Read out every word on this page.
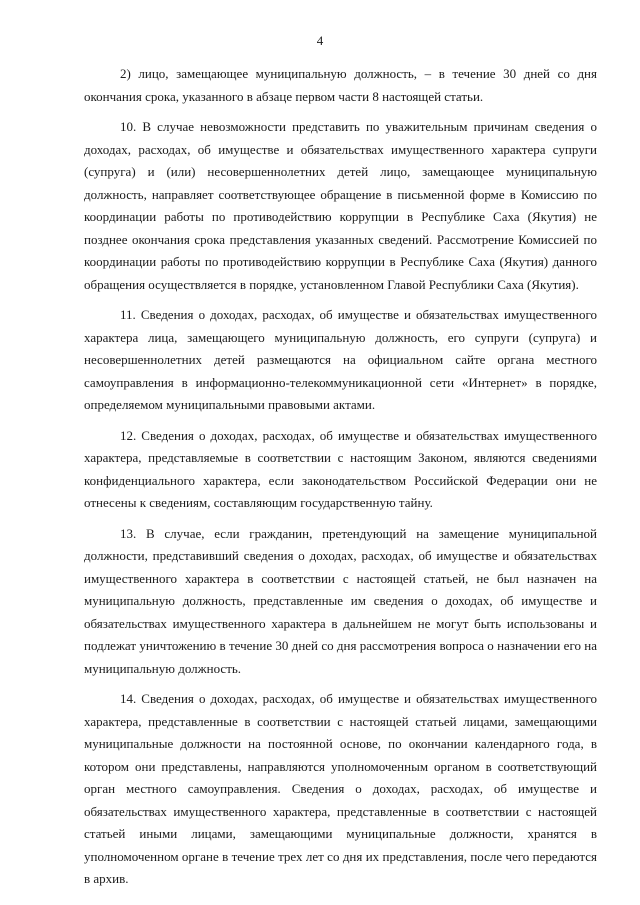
4

2) лицо, замещающее муниципальную должность, – в течение 30 дней со дня окончания срока, указанного в абзаце первом части 8 настоящей статьи.

10. В случае невозможности представить по уважительным причинам сведения о доходах, расходах, об имуществе и обязательствах имущественного характера супруги (супруга) и (или) несовершеннолетних детей лицо, замещающее муниципальную должность, направляет соответствующее обращение в письменной форме в Комиссию по координации работы по противодействию коррупции в Республике Саха (Якутия) не позднее окончания срока представления указанных сведений. Рассмотрение Комиссией по координации работы по противодействию коррупции в Республике Саха (Якутия) данного обращения осуществляется в порядке, установленном Главой Республики Саха (Якутия).

11. Сведения о доходах, расходах, об имуществе и обязательствах имущественного характера лица, замещающего муниципальную должность, его супруги (супруга) и несовершеннолетних детей размещаются на официальном сайте органа местного самоуправления в информационно-телекоммуникационной сети «Интернет» в порядке, определяемом муниципальными правовыми актами.

12. Сведения о доходах, расходах, об имуществе и обязательствах имущественного характера, представляемые в соответствии с настоящим Законом, являются сведениями конфиденциального характера, если законодательством Российской Федерации они не отнесены к сведениям, составляющим государственную тайну.

13. В случае, если гражданин, претендующий на замещение муниципальной должности, представивший сведения о доходах, расходах, об имуществе и обязательствах имущественного характера в соответствии с настоящей статьей, не был назначен на муниципальную должность, представленные им сведения о доходах, об имуществе и обязательствах имущественного характера в дальнейшем не могут быть использованы и подлежат уничтожению в течение 30 дней со дня рассмотрения вопроса о назначении его на муниципальную должность.

14. Сведения о доходах, расходах, об имуществе и обязательствах имущественного характера, представленные в соответствии с настоящей статьей лицами, замещающими муниципальные должности на постоянной основе, по окончании календарного года, в котором они представлены, направляются уполномоченным органом в соответствующий орган местного самоуправления. Сведения о доходах, расходах, об имуществе и обязательствах имущественного характера, представленные в соответствии с настоящей статьей иными лицами, замещающими муниципальные должности, хранятся в уполномоченном органе в течение трех лет со дня их представления, после чего передаются в архив.
